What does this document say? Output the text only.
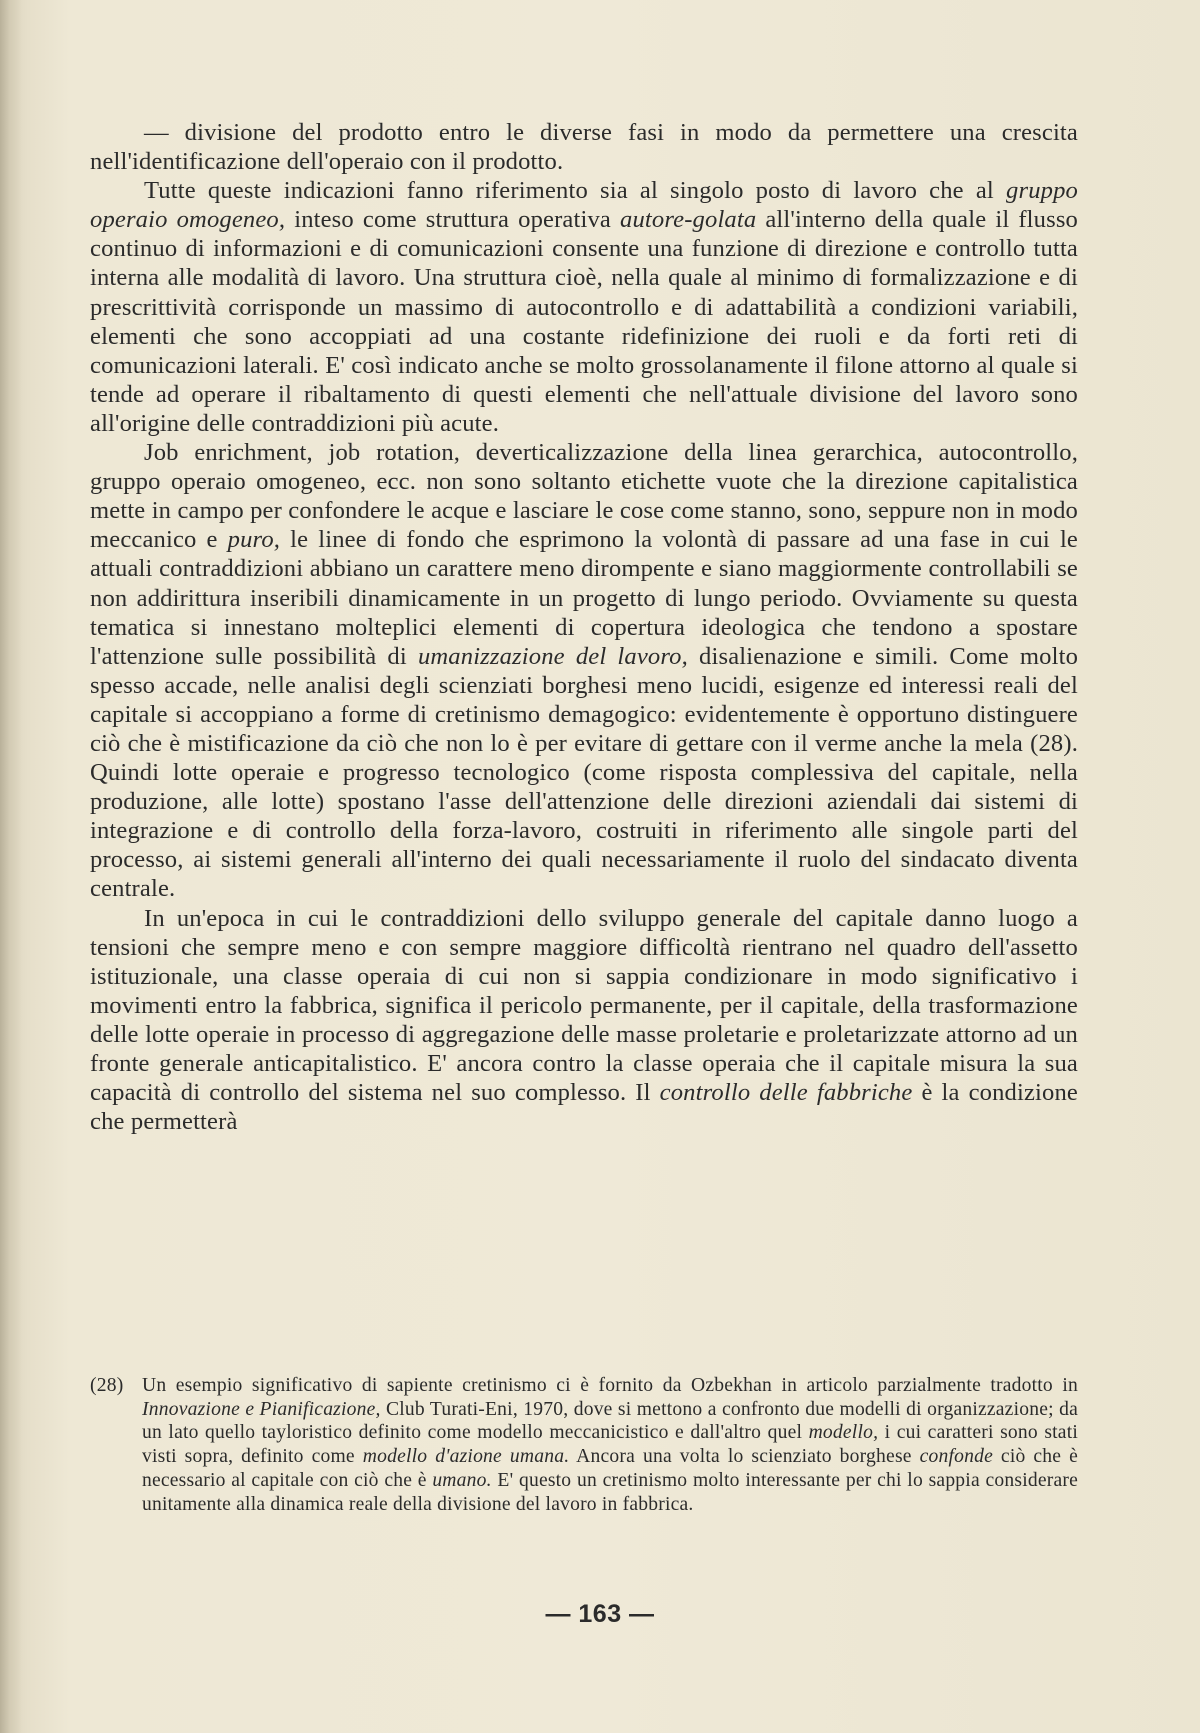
— divisione del prodotto entro le diverse fasi in modo da permettere una crescita nell'identificazione dell'operaio con il prodotto.

Tutte queste indicazioni fanno riferimento sia al singolo posto di lavoro che al gruppo operaio omogeneo, inteso come struttura operativa autore-golata all'interno della quale il flusso continuo di informazioni e di comunicazioni consente una funzione di direzione e controllo tutta interna alle modalità di lavoro. Una struttura cioè, nella quale al minimo di formalizzazione e di prescrittività corrisponde un massimo di autocontrollo e di adattabilità a condizioni variabili, elementi che sono accoppiati ad una costante ridefinizione dei ruoli e da forti reti di comunicazioni laterali. E' così indicato anche se molto grossolanamente il filone attorno al quale si tende ad operare il ribaltamento di questi elementi che nell'attuale divisione del lavoro sono all'origine delle contraddizioni più acute.

Job enrichment, job rotation, deverticalizzazione della linea gerarchica, autocontrollo, gruppo operaio omogeneo, ecc. non sono soltanto etichette vuote che la direzione capitalistica mette in campo per confondere le acque e lasciare le cose come stanno, sono, seppure non in modo meccanico e puro, le linee di fondo che esprimono la volontà di passare ad una fase in cui le attuali contraddizioni abbiano un carattere meno dirompente e siano maggiormente controllabili se non addirittura inseribili dinamicamente in un progetto di lungo periodo. Ovviamente su questa tematica si innestano molteplici elementi di copertura ideologica che tendono a spostare l'attenzione sulle possibilità di umanizzazione del lavoro, disalienazione e simili. Come molto spesso accade, nelle analisi degli scienziati borghesi meno lucidi, esigenze ed interessi reali del capitale si accoppiano a forme di cretinismo demagogico: evidentemente è opportuno distinguere ciò che è mistificazione da ciò che non lo è per evitare di gettare con il verme anche la mela (28). Quindi lotte operaie e progresso tecnologico (come risposta complessiva del capitale, nella produzione, alle lotte) spostano l'asse dell'attenzione delle direzioni aziendali dai sistemi di integrazione e di controllo della forza-lavoro, costruiti in riferimento alle singole parti del processo, ai sistemi generali all'interno dei quali necessariamente il ruolo del sindacato diventa centrale.

In un'epoca in cui le contraddizioni dello sviluppo generale del capitale danno luogo a tensioni che sempre meno e con sempre maggiore difficoltà rientrano nel quadro dell'assetto istituzionale, una classe operaia di cui non si sappia condizionare in modo significativo i movimenti entro la fabbrica, significa il pericolo permanente, per il capitale, della trasformazione delle lotte operaie in processo di aggregazione delle masse proletarie e proletarizzate attorno ad un fronte generale anticapitalistico. E' ancora contro la classe operaia che il capitale misura la sua capacità di controllo del sistema nel suo complesso. Il controllo delle fabbriche è la condizione che permetterà

(28) Un esempio significativo di sapiente cretinismo ci è fornito da Ozbekhan in articolo parzialmente tradotto in Innovazione e Pianificazione, Club Turati-Eni, 1970, dove si mettono a confronto due modelli di organizzazione; da un lato quello tayloristico definito come modello meccanicistico e dall'altro quel modello, i cui caratteri sono stati visti sopra, definito come modello d'azione umana. Ancora una volta lo scienziato borghese confonde ciò che è necessario al capitale con ciò che è umano. E' questo un cretinismo molto interessante per chi lo sappia considerare unitamente alla dinamica reale della divisione del lavoro in fabbrica.
— 163 —
